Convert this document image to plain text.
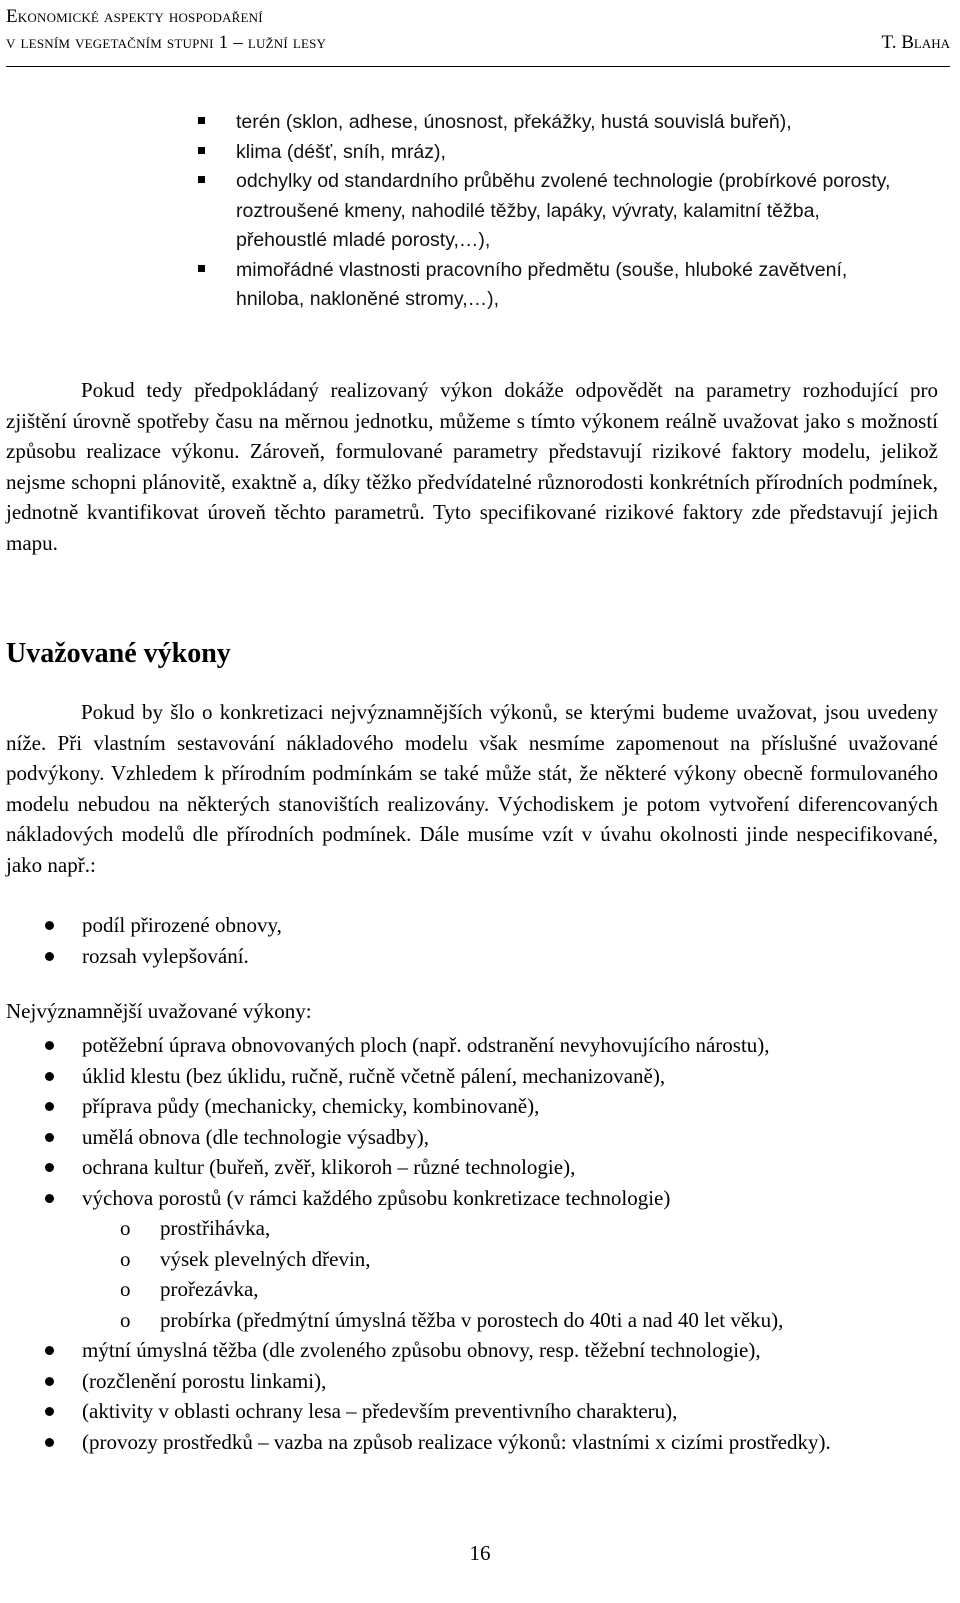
Ekonomické aspekty hospodaření
v lesním vegetačním stupni 1 – lužní lesy	T. Blaha
terén (sklon, adhese, únosnost, překážky, hustá souvislá buřeň),
klima (déšť, sníh, mráz),
odchylky od standardního průběhu zvolené technologie (probírkové porosty, roztroušené kmeny, nahodilé těžby, lapáky, vývraty, kalamitní těžba, přehoustlé mladé porosty,…),
mimořádné vlastnosti pracovního předmětu (souše, hluboké zavětvení, hniloba, nakloněné stromy,…),

Pokud tedy předpokládaný realizovaný výkon dokáže odpovědět na parametry rozhodující pro zjištění úrovně spotřeby času na měrnou jednotku, můžeme s tímto výkonem reálně uvažovat jako s možností způsobu realizace výkonu. Zároveň, formulované parametry představují rizikové faktory modelu, jelikož nejsme schopni plánovitě, exaktně a, díky těžko předvídatelné různorodosti konkrétních přírodních podmínek, jednotně kvantifikovat úroveň těchto parametrů. Tyto specifikované rizikové faktory zde představují jejich mapu.

Uvažované výkony

Pokud by šlo o konkretizaci nejvýznamnějších výkonů, se kterými budeme uvažovat, jsou uvedeny níže. Při vlastním sestavování nákladového modelu však nesmíme zapomenout na příslušné uvažované podvýkony. Vzhledem k přírodním podmínkám se také může stát, že některé výkony obecně formulovaného modelu nebudou na některých stanovištích realizovány. Východiskem je potom vytvoření diferencovaných nákladových modelů dle přírodních podmínek. Dále musíme vzít v úvahu okolnosti jinde nespecifikované, jako např.:

podíl přirozené obnovy,
rozsah vylepšování.

Nejvýznamnější uvažované výkony:

potěžební úprava obnovovaných ploch (např. odstranění nevyhovujícího nárostu),
úklid klestu (bez úklidu, ručně, ručně včetně pálení, mechanizovaně),
příprava půdy (mechanicky, chemicky, kombinovaně),
umělá obnova (dle technologie výsadby),
ochrana kultur (buřeň, zvěř, klikoroh – různé technologie),
výchova porostů (v rámci každého způsobu konkretizace technologie)
o prostřihávka,
o výsek plevelných dřevin,
o prořezávka,
o probírka (předmýtní úmyslná těžba v porostech do 40ti a nad 40 let věku),
mýtní úmyslná těžba (dle zvoleného způsobu obnovy, resp. těžební technologie),
(rozčlenění porostu linkami),
(aktivity v oblasti ochrany lesa – především preventivního charakteru),
(provozy prostředků – vazba na způsob realizace výkonů: vlastními x cizími prostředky).
16
